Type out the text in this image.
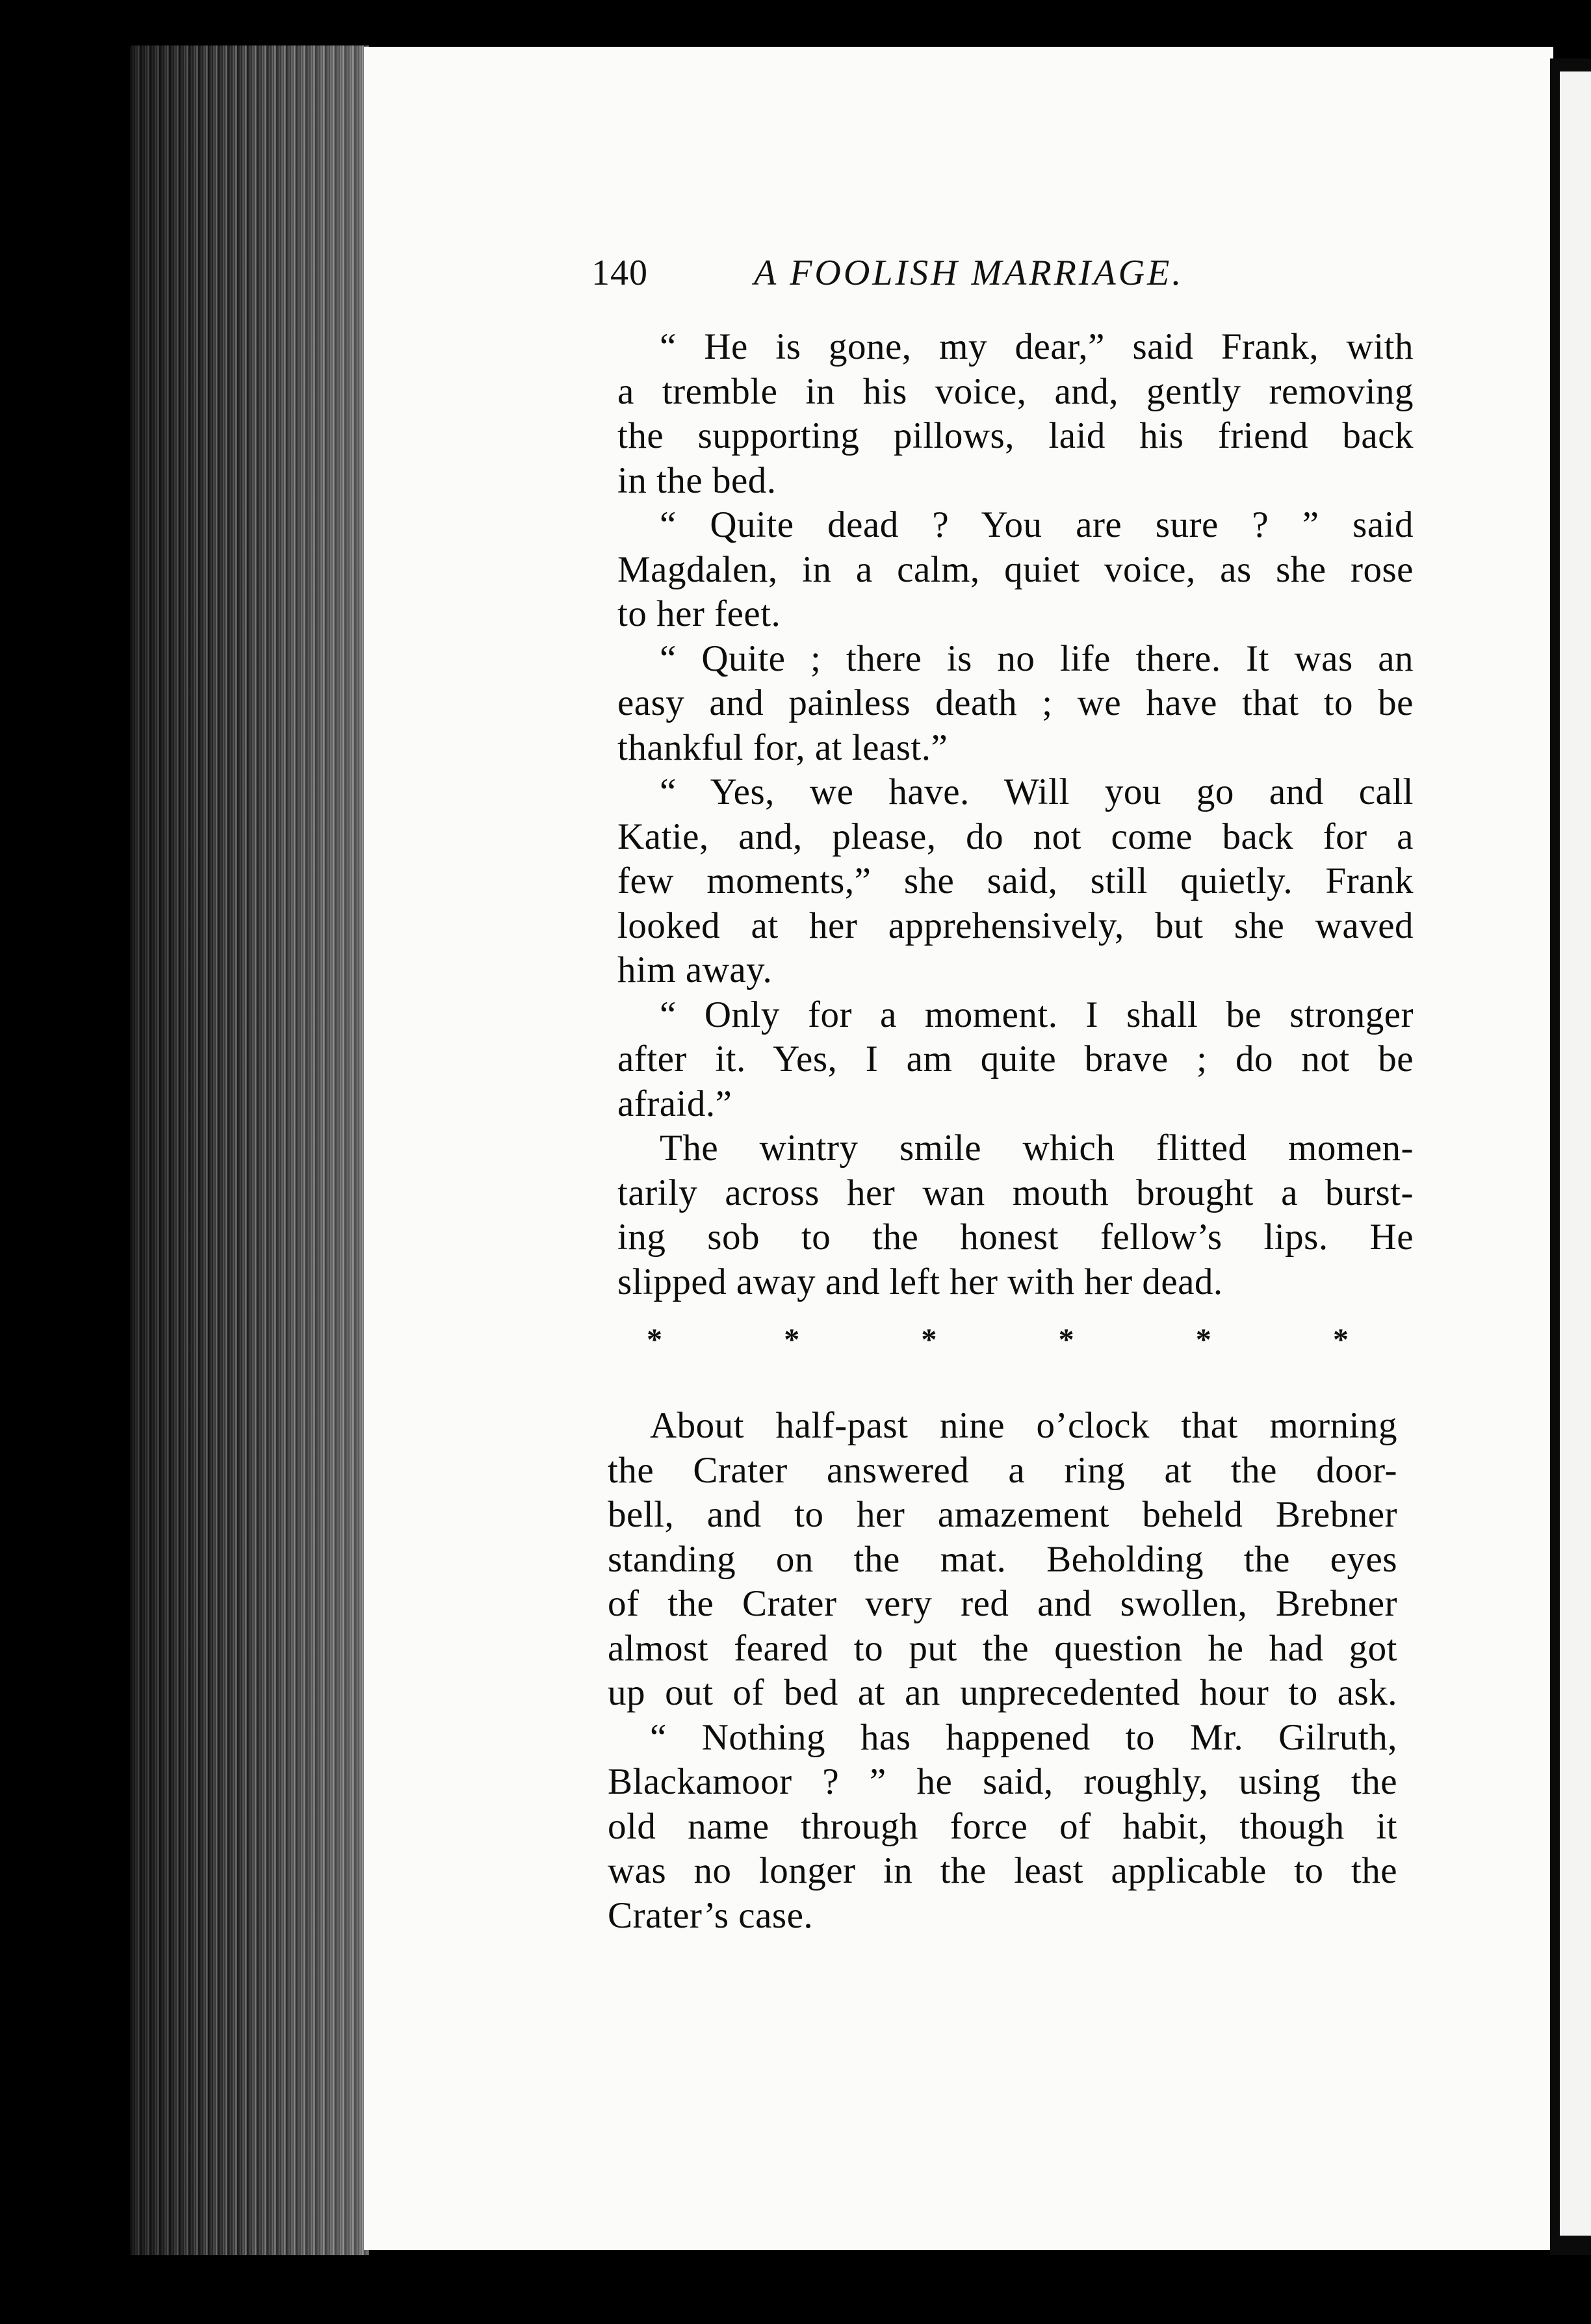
140	A FOOLISH MARRIAGE.

“ He is gone, my dear,” said Frank, with
a tremble in his voice, and, gently removing
the supporting pillows, laid his friend back
in the bed.

“ Quite dead ? You are sure ? ” said
Magdalen, in a calm, quiet voice, as she rose
to her feet.

“ Quite ; there is no life there. It was an
easy and painless death ; we have that to be
thankful for, at least.”

“ Yes, we have. Will you go and call
Katie, and, please, do not come back for a
few moments,” she said, still quietly. Frank
looked at her apprehensively, but she waved
him away.

“ Only for a moment. I shall be stronger
after it. Yes, I am quite brave ; do not be
afraid.”

The wintry smile which flitted momen-
tarily across her wan mouth brought a burst-
ing sob to the honest fellow’s lips. He
slipped away and left her with her dead.

*	*	*	*	*	*

About half-past nine o’clock that morning
the Crater answered a ring at the door-
bell, and to her amazement beheld Brebner
standing on the mat. Beholding the eyes
of the Crater very red and swollen, Brebner
almost feared to put the question he had got
up out of bed at an unprecedented hour to ask.

“ Nothing has happened to Mr. Gilruth,
Blackamoor ? ” he said, roughly, using the
old name through force of habit, though it
was no longer in the least applicable to the
Crater’s case.
